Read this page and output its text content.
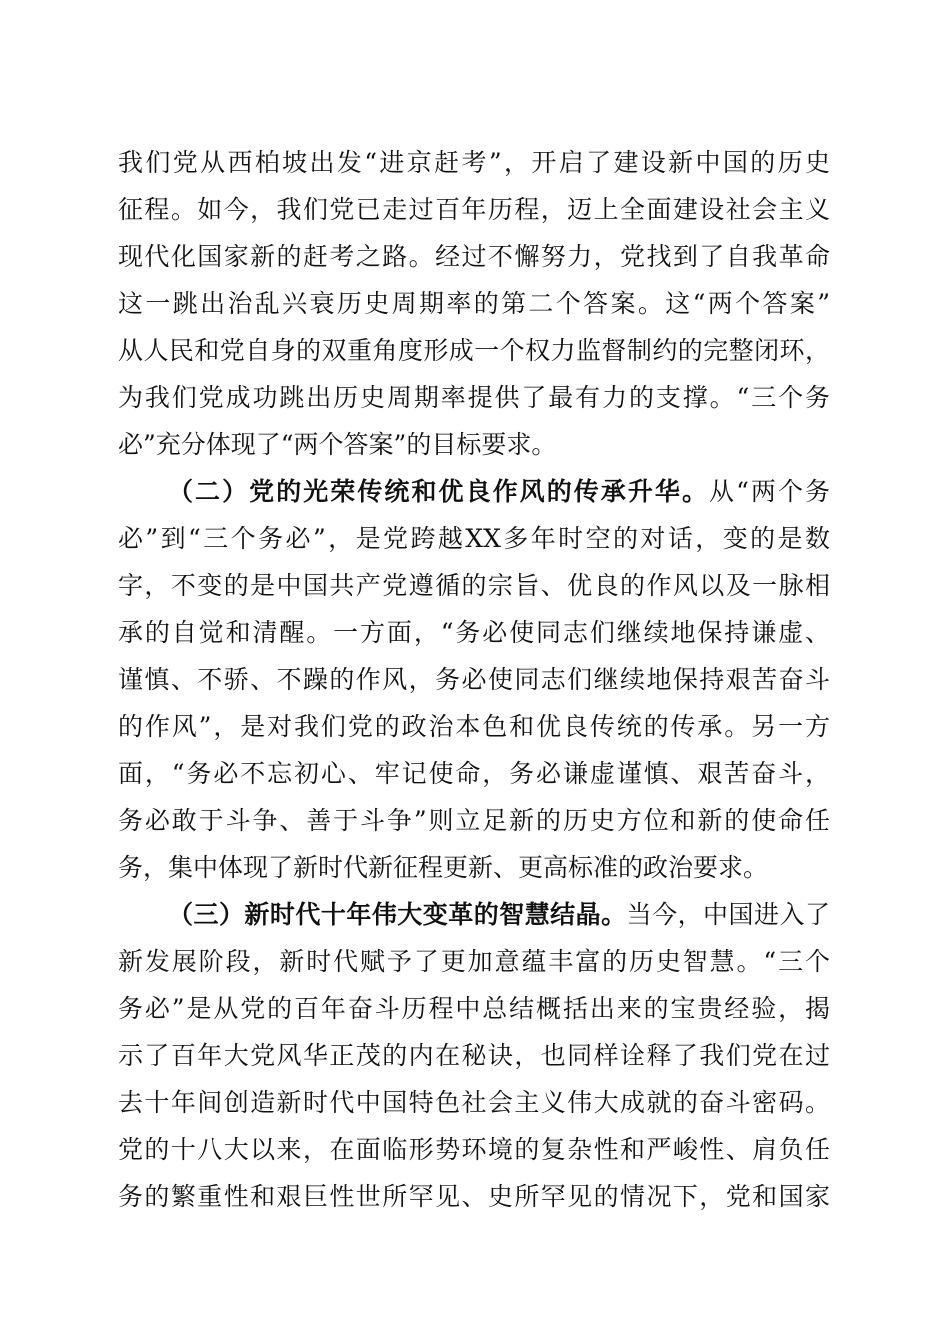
我们党从西柏坡出发“进京赶考”，开启了建设新中国的历史
征程。如今，我们党已走过百年历程，迈上全面建设社会主义
现代化国家新的赶考之路。经过不懈努力，党找到了自我革命
这一跳出治乱兴衰历史周期率的第二个答案。这“两个答案”
从人民和党自身的双重角度形成一个权力监督制约的完整闭环，
为我们党成功跳出历史周期率提供了最有力的支撑。“三个务
必”充分体现了“两个答案”的目标要求。
（二）党的光荣传统和优良作风的传承升华。从“两个务
必”到“三个务必”，是党跨越XX多年时空的对话，变的是数
字，不变的是中国共产党遵循的宗旨、优良的作风以及一脉相
承的自觉和清醒。一方面，“务必使同志们继续地保持谦虚、
谨慎、不骄、不躁的作风，务必使同志们继续地保持艰苦奋斗
的作风”，是对我们党的政治本色和优良传统的传承。另一方
面，“务必不忘初心、牢记使命，务必谦虚谨慎、艰苦奋斗，
务必敢于斗争、善于斗争”则立足新的历史方位和新的使命任
务，集中体现了新时代新征程更新、更高标准的政治要求。
（三）新时代十年伟大变革的智慧结晶。当今，中国进入了
新发展阶段，新时代赋予了更加意蕴丰富的历史智慧。“三个
务必”是从党的百年奋斗历程中总结概括出来的宝贵经验，揭
示了百年大党风华正茂的内在秘诀，也同样诠释了我们党在过
去十年间创造新时代中国特色社会主义伟大成就的奋斗密码。
党的十八大以来，在面临形势环境的复杂性和严峻性、肩负任
务的繁重性和艰巨性世所罕见、史所罕见的情况下，党和国家
